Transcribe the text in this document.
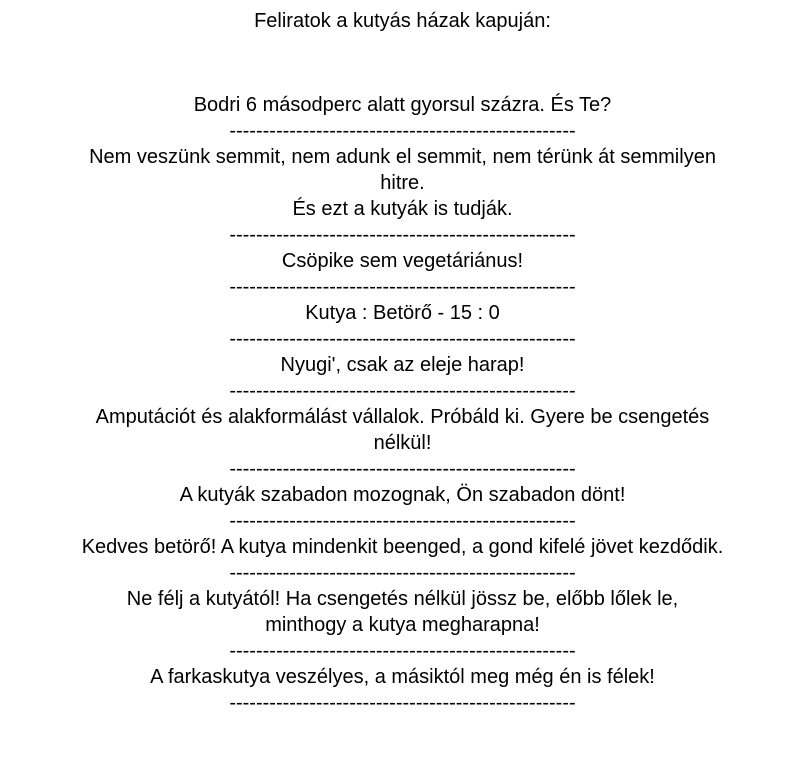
Feliratok a kutyás házak kapuján:
Bodri 6 másodperc alatt gyorsul százra. És Te?
----------------------------------------------------
Nem veszünk semmit, nem adunk el semmit, nem térünk át semmilyen
hitre.
És ezt a kutyák is tudják.
----------------------------------------------------
Csöpike sem vegetáriánus!
----------------------------------------------------
Kutya : Betörő - 15 : 0
----------------------------------------------------
Nyugi', csak az eleje harap!
----------------------------------------------------
Amputációt és alakformálást vállalok. Próbáld ki. Gyere be csengetés
nélkül!
----------------------------------------------------
A kutyák szabadon mozognak, Ön szabadon dönt!
----------------------------------------------------
Kedves betörő! A kutya mindenkit beenged, a gond kifelé jövet kezdődik.
----------------------------------------------------
Ne félj a kutyától! Ha csengetés nélkül jössz be, előbb lőlek le,
minthogy a kutya megharapna!
----------------------------------------------------
A farkaskutya veszélyes, a másiktól meg még én is félek!
----------------------------------------------------
